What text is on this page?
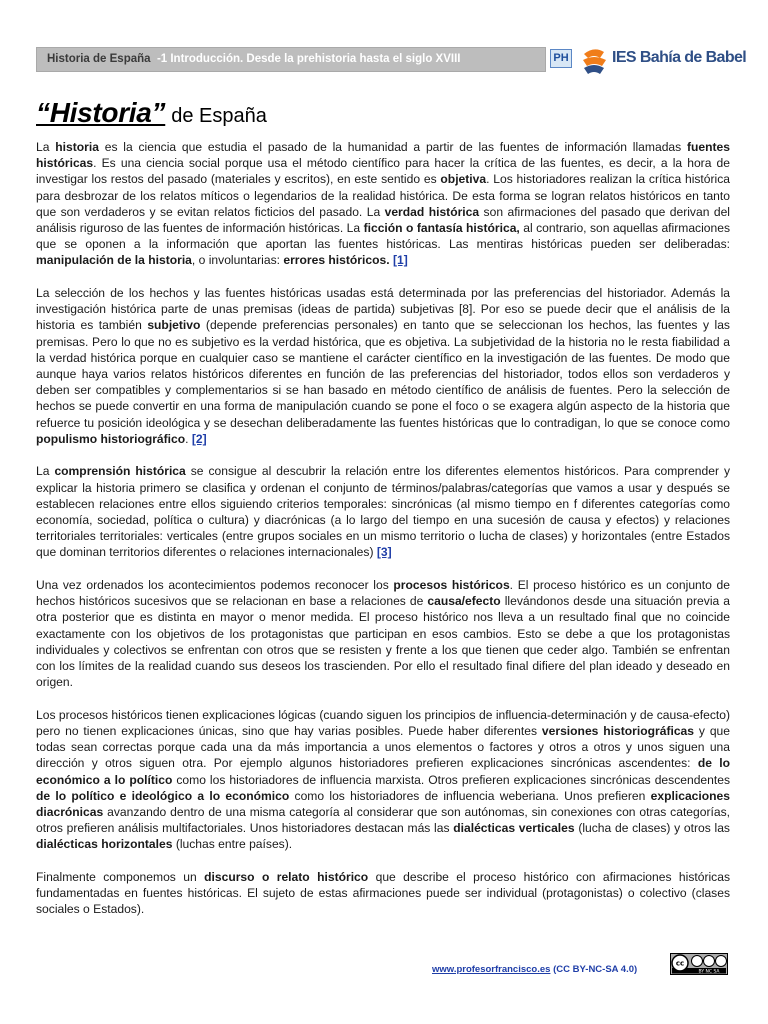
Historia de España -1 Introducción. Desde la prehistoria hasta el siglo XVIII	PH	IES Bahía de Babel
“Historia” de España

La historia es la ciencia que estudia el pasado de la humanidad a partir de las fuentes de información llamadas fuentes históricas. Es una ciencia social porque usa el método científico para hacer la crítica de las fuentes, es decir, a la hora de investigar los restos del pasado (materiales y escritos), en este sentido es objetiva. Los historiadores realizan la crítica histórica para desbrozar de los relatos míticos o legendarios de la realidad histórica. De esta forma se logran relatos históricos en tanto que son verdaderos y se evitan relatos ficticios del pasado. La verdad histórica son afirmaciones del pasado que derivan del análisis riguroso de las fuentes de información históricas. La ficción o fantasía histórica, al contrario, son aquellas afirmaciones que se oponen a la información que aportan las fuentes históricas. Las mentiras históricas pueden ser deliberadas: manipulación de la historia, o involuntarias: errores históricos. [1]

La selección de los hechos y las fuentes históricas usadas está determinada por las preferencias del historiador. Además la investigación histórica parte de unas premisas (ideas de partida) subjetivas [8]. Por eso se puede decir que el análisis de la historia es también subjetivo (depende preferencias personales) en tanto que se seleccionan los hechos, las fuentes y las premisas. Pero lo que no es subjetivo es la verdad histórica, que es objetiva. La subjetividad de la historia no le resta fiabilidad a la verdad histórica porque en cualquier caso se mantiene el carácter científico en la investigación de las fuentes. De modo que aunque haya varios relatos históricos diferentes en función de las preferencias del historiador, todos ellos son verdaderos y deben ser compatibles y complementarios si se han basado en método científico de análisis de fuentes. Pero la selección de hechos se puede convertir en una forma de manipulación cuando se pone el foco o se exagera algún aspecto de la historia que refuerce tu posición ideológica y se desechan deliberadamente las fuentes históricas que lo contradigan, lo que se conoce como populismo historiográfico. [2]

La comprensión histórica se consigue al descubrir la relación entre los diferentes elementos históricos. Para comprender y explicar la historia primero se clasifica y ordenan el conjunto de términos/palabras/categorías que vamos a usar y después se establecen relaciones entre ellos siguiendo criterios temporales: sincrónicas (al mismo tiempo en f diferentes categorías como economía, sociedad, política o cultura) y diacrónicas (a lo largo del tiempo en una sucesión de causa y efectos) y relaciones territoriales territoriales: verticales (entre grupos sociales en un mismo territorio o lucha de clases) y horizontales (entre Estados que dominan territorios diferentes o relaciones internacionales) [3]

Una vez ordenados los acontecimientos podemos reconocer los procesos históricos. El proceso histórico es un conjunto de hechos históricos sucesivos que se relacionan en base a relaciones de causa/efecto llevándonos desde una situación previa a otra posterior que es distinta en mayor o menor medida. El proceso histórico nos lleva a un resultado final que no coincide exactamente con los objetivos de los protagonistas que participan en esos cambios. Esto se debe a que los protagonistas individuales y colectivos se enfrentan con otros que se resisten y frente a los que tienen que ceder algo. También se enfrentan con los límites de la realidad cuando sus deseos los trascienden. Por ello el resultado final difiere del plan ideado y deseado en origen.

Los procesos históricos tienen explicaciones lógicas (cuando siguen los principios de influencia-determinación y de causa-efecto) pero no tienen explicaciones únicas, sino que hay varias posibles. Puede haber diferentes versiones historiográficas y que todas sean correctas porque cada una da más importancia a unos elementos o factores y otros a otros y unos siguen una dirección y otros siguen otra. Por ejemplo algunos historiadores prefieren explicaciones sincrónicas ascendentes: de lo económico a lo político como los historiadores de influencia marxista. Otros prefieren explicaciones sincrónicas descendentes de lo político e ideológico a lo económico como los historiadores de influencia weberiana. Unos prefieren explicaciones diacrónicas avanzando dentro de una misma categoría al considerar que son autónomas, sin conexiones con otras categorías, otros prefieren análisis multifactoriales. Unos historiadores destacan más las dialécticas verticales (lucha de clases) y otros las dialécticas horizontales (luchas entre países).

Finalmente componemos un discurso o relato histórico que describe el proceso histórico con afirmaciones históricas fundamentadas en fuentes históricas. El sujeto de estas afirmaciones puede ser individual (protagonistas) o colectivo (clases sociales o Estados).

www.profesorfrancisco.es (CC BY-NC-SA 4.0)
cc
BY NC SA
